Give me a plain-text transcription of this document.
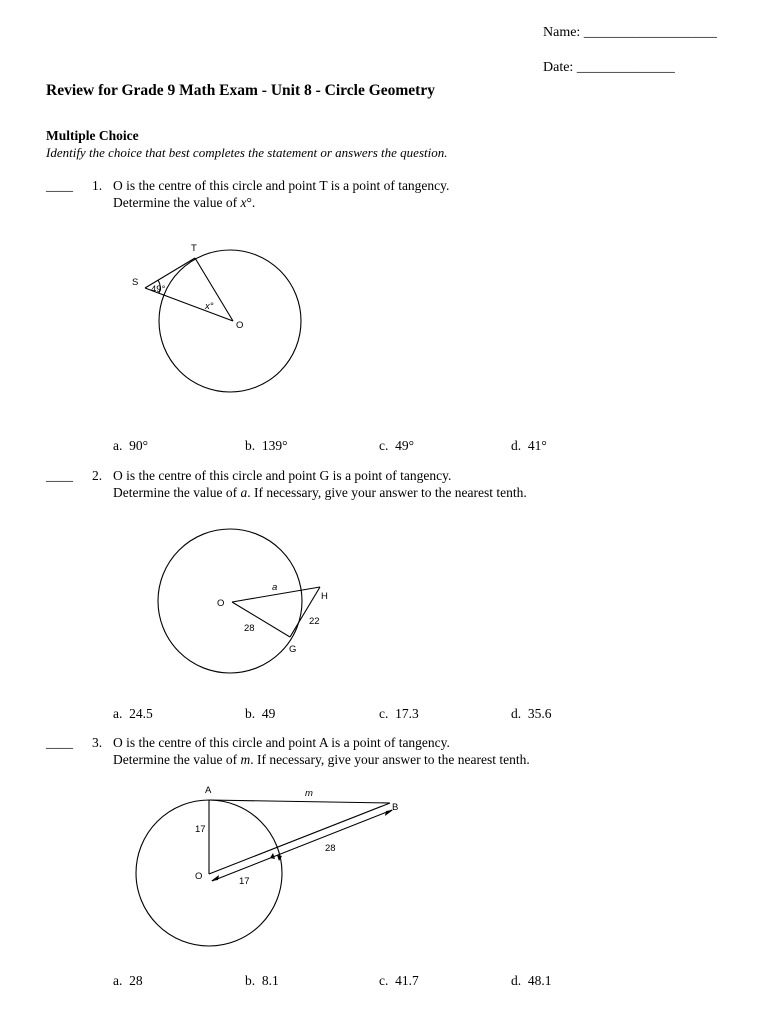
Name: ___________________
Date: ______________
Review for Grade 9 Math Exam - Unit 8 - Circle Geometry
Multiple Choice
Identify the choice that best completes the statement or answers the question.
____ 1. O is the centre of this circle and point T is a point of tangency.
Determine the value of x°.
T
S
O
49°
x°
a. 90°	b. 139°	c. 49°	d. 41°
____ 2. O is the centre of this circle and point G is a point of tangency.
Determine the value of a. If necessary, give your answer to the nearest tenth.
O
H
G
a
28
22
a. 24.5	b. 49	c. 17.3	d. 35.6
____ 3. O is the centre of this circle and point A is a point of tangency.
Determine the value of m. If necessary, give your answer to the nearest tenth.
A
B
O
m
17
17
28
a. 28	b. 8.1	c. 41.7	d. 48.1
